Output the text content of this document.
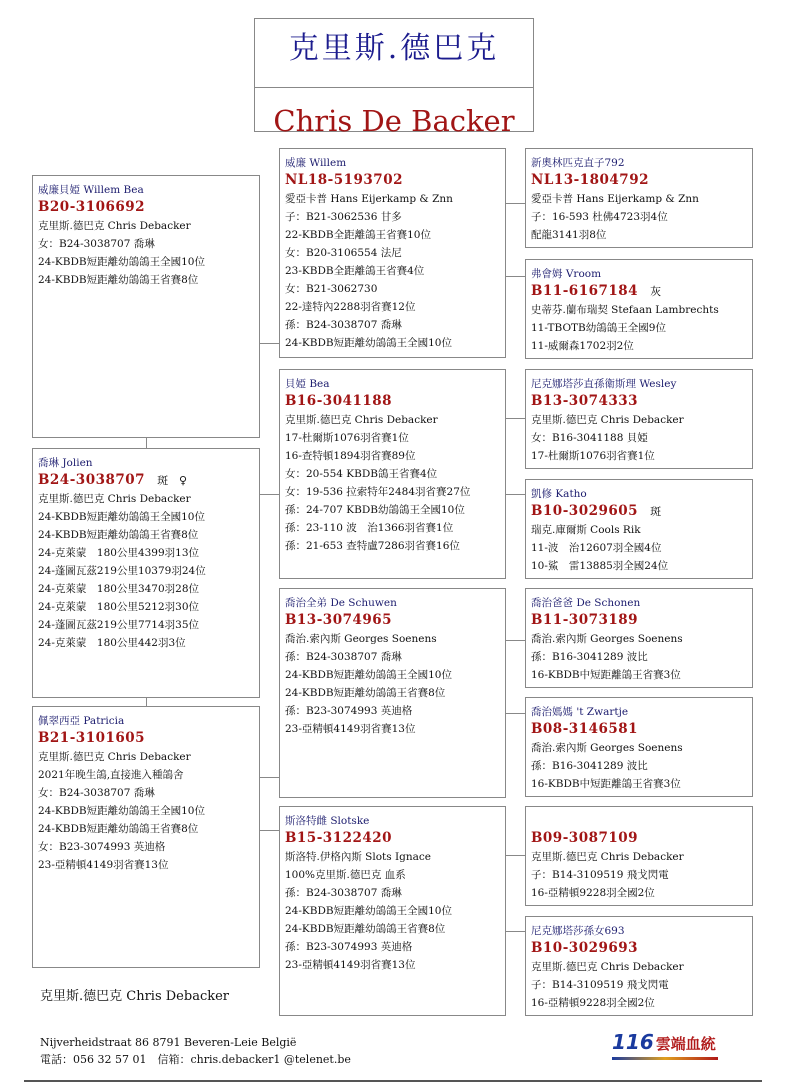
克里斯.德巴克
Chris De Backer
威廉貝婭 Willem Bea
B20-3106692
克里斯.德巴克 Chris Debacker
女：B24-3038707 喬琳
24-KBDB短距離幼鴿鴿王全國10位
24-KBDB短距離幼鴿鴿王省賽8位
喬琳 Jolien
B24-3038707 斑　♀
克里斯.德巴克 Chris Debacker
24-KBDB短距離幼鴿鴿王全國10位
24-KBDB短距離幼鴿鴿王省賽8位
24-克萊蒙　180公里4399羽13位
24-蓬圖瓦茲219公里10379羽24位
24-克萊蒙　180公里3470羽28位
24-克萊蒙　180公里5212羽30位
24-蓬圖瓦茲219公里7714羽35位
24-克萊蒙　180公里442羽3位
佩翠西亞 Patricia
B21-3101605
克里斯.德巴克 Chris Debacker
2021年晚生鴿,直接進入種鴿舍
女：B24-3038707 喬琳
24-KBDB短距離幼鴿鴿王全國10位
24-KBDB短距離幼鴿鴿王省賽8位
女：B23-3074993 英迪格
23-亞精頓4149羽省賽13位
威廉 Willem
NL18-5193702
愛亞卡普 Hans Eijerkamp & Znn
子：B21-3062536 甘多
22-KBDB全距離鴿王省賽10位
女：B20-3106554 法尼
23-KBDB全距離鴿王省賽4位
女：B21-3062730
22-達特內2288羽省賽12位
孫：B24-3038707 喬琳
24-KBDB短距離幼鴿鴿王全國10位
貝婭 Bea
B16-3041188
克里斯.德巴克 Chris Debacker
17-杜爾斯1076羽省賽1位
16-查特頓1894羽省賽89位
女：20-554 KBDB鴿王省賽4位
女：19-536 拉索特年2484羽省賽27位
孫：24-707 KBDB幼鴿鴿王全國10位
孫：23-110 波　治1366羽省賽1位
孫：21-653 查特盧7286羽省賽16位
喬治全弟 De Schuwen
B13-3074965
喬治.索內斯 Georges Soenens
孫：B24-3038707 喬琳
24-KBDB短距離幼鴿鴿王全國10位
24-KBDB短距離幼鴿鴿王省賽8位
孫：B23-3074993 英迪格
23-亞精頓4149羽省賽13位
斯洛特雌 Slotske
B15-3122420
斯洛特.伊格內斯 Slots Ignace
100%克里斯.德巴克 血系
孫：B24-3038707 喬琳
24-KBDB短距離幼鴿鴿王全國10位
24-KBDB短距離幼鴿鴿王省賽8位
孫：B23-3074993 英迪格
23-亞精頓4149羽省賽13位
新奧林匹克直子792
NL13-1804792
愛亞卡普 Hans Eijerkamp & Znn
子：16-593 杜佛4723羽4位
配龍3141羽8位
弗會姆 Vroom
B11-6167184 灰
史蒂芬.蘭布瑞契 Stefaan Lambrechts
11-TBOTB幼鴿鴿王全國9位
11-威爾森1702羽2位
尼克娜塔莎直孫衛斯理 Wesley
B13-3074333
克里斯.德巴克 Chris Debacker
女：B16-3041188 貝婭
17-杜爾斯1076羽省賽1位
凱修 Katho
B10-3029605 斑
瑞克.庫爾斯 Cools Rik
11-波　治12607羽全國4位
10-鯊　雷13885羽全國24位
喬治爸爸 De Schonen
B11-3073189
喬治.索內斯 Georges Soenens
孫：B16-3041289 波比
16-KBDB中短距離鴿王省賽3位
喬治媽媽 't Zwartje
B08-3146581
喬治.索內斯 Georges Soenens
孫：B16-3041289 波比
16-KBDB中短距離鴿王省賽3位
B09-3087109
克里斯.德巴克 Chris Debacker
子：B14-3109519 飛戈閃電
16-亞精頓9228羽全國2位
尼克娜塔莎孫女693
B10-3029693
克里斯.德巴克 Chris Debacker
子：B14-3109519 飛戈閃電
16-亞精頓9228羽全國2位
克里斯.德巴克 Chris Debacker
Nijverheidstraat 86 8791 Beveren-Leie België
電話：056 32 57 01　信箱：chris.debacker1 @telenet.be
116 雲端血統
